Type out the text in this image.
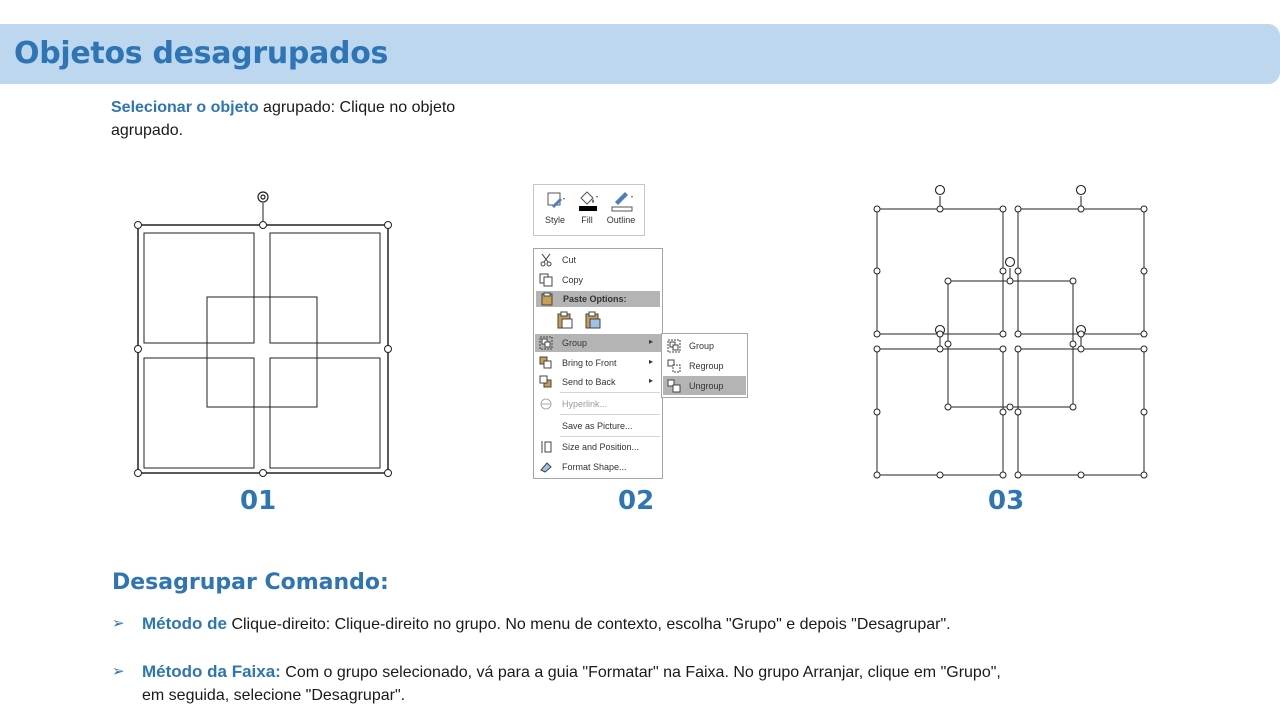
Objetos desagrupados
Selecionar o objeto agrupado: Clique no objeto agrupado.
01
Style	Fill	Outline
Cut
Copy
Paste Options:
Group	▸
Bring to Front	▸
Send to Back	▸
Hyperlink...
Save as Picture...
Size and Position...
Format Shape...
Group
Regroup
Ungroup
02	03
Desagrupar Comando:
➢ Método de Clique-direito: Clique-direito no grupo. No menu de contexto, escolha "Grupo" e depois "Desagrupar".
➢ Método da Faixa: Com o grupo selecionado, vá para a guia "Formatar" na Faixa. No grupo Arranjar, clique em "Grupo", em seguida, selecione "Desagrupar".
